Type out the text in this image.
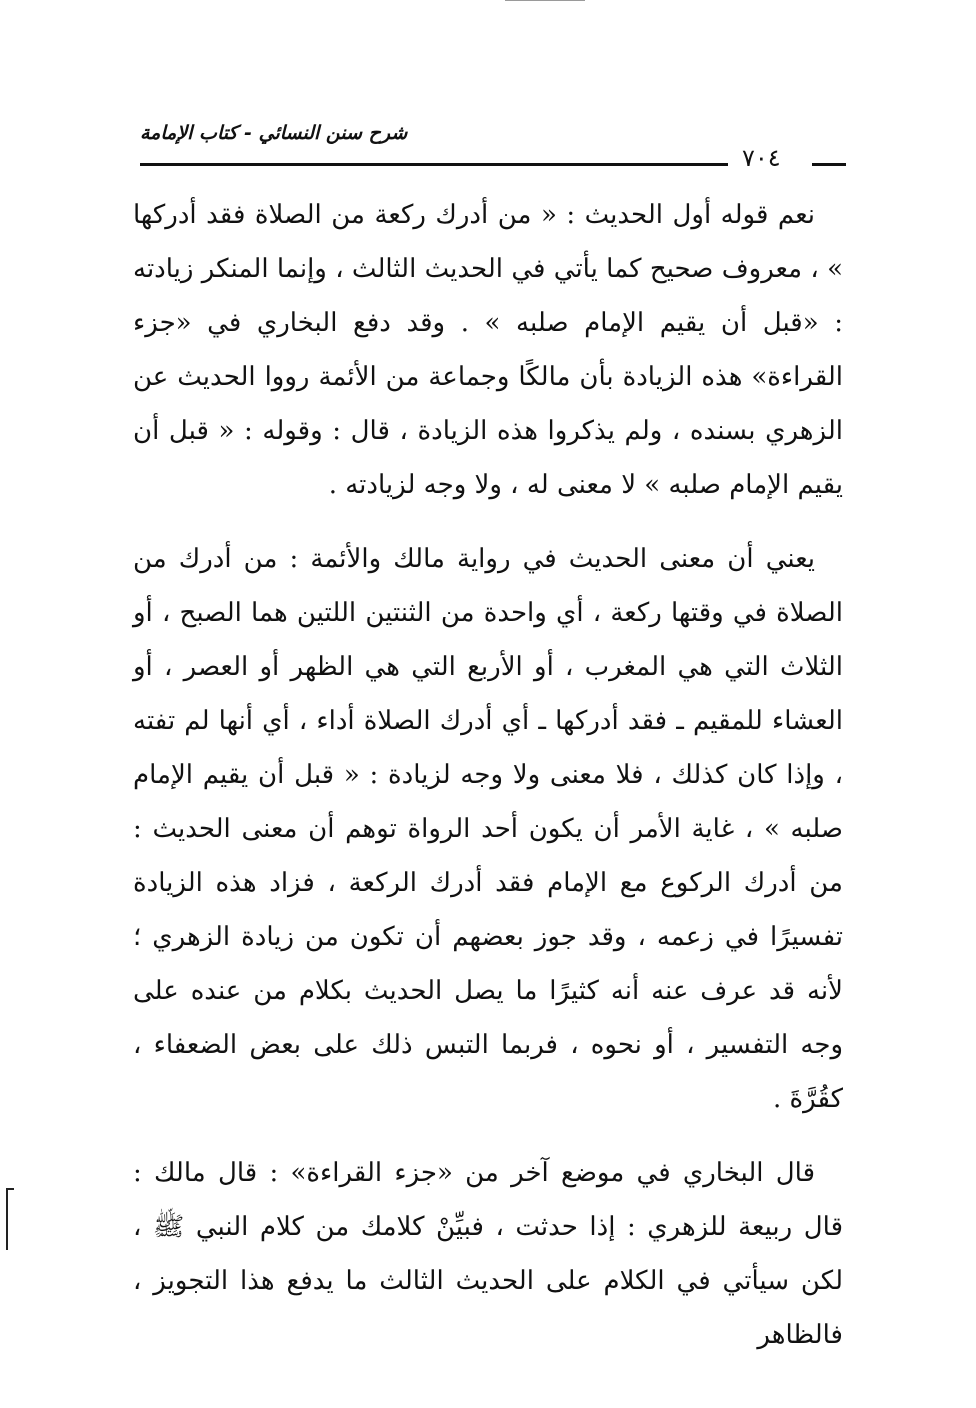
شرح سنن النسائي - كتاب الإمامة
٧٠٤

نعم قوله أول الحديث : « من أدرك ركعة من الصلاة فقد أدركها » ، معروف صحيح كما يأتي في الحديث الثالث ، وإنما المنكر زيادته : «قبل أن يقيم الإمام صلبه » . وقد دفع البخاري في «جزء القراءة» هذه الزيادة بأن مالكًا وجماعة من الأئمة رووا الحديث عن الزهري بسنده ، ولم يذكروا هذه الزيادة ، قال : وقوله : « قبل أن يقيم الإمام صلبه » لا معنى له ، ولا وجه لزيادته .

يعني أن معنى الحديث في رواية مالك والأئمة : من أدرك من الصلاة في وقتها ركعة ، أي واحدة من الثنتين اللتين هما الصبح ، أو الثلاث التي هي المغرب ، أو الأربع التي هي الظهر أو العصر ، أو العشاء للمقيم ـ فقد أدركها ـ أي أدرك الصلاة أداء ، أي أنها لم تفته ، وإذا كان كذلك ، فلا معنى ولا وجه لزيادة : « قبل أن يقيم الإمام صلبه » ، غاية الأمر أن يكون أحد الرواة توهم أن معنى الحديث : من أدرك الركوع مع الإمام فقد أدرك الركعة ، فزاد هذه الزيادة تفسيرًا في زعمه ، وقد جوز بعضهم أن تكون من زيادة الزهري ؛ لأنه قد عرف عنه أنه كثيرًا ما يصل الحديث بكلام من عنده على وجه التفسير ، أو نحوه ، فربما التبس ذلك على بعض الضعفاء ، كقُرَّةَ .

قال البخاري في موضع آخر من «جزء القراءة» : قال مالك : قال ربيعة للزهري : إذا حدثت ، فبيِّنْ كلامك من كلام النبي ﷺ ، لكن سيأتي في الكلام على الحديث الثالث ما يدفع هذا التجويز ، فالظاهر
